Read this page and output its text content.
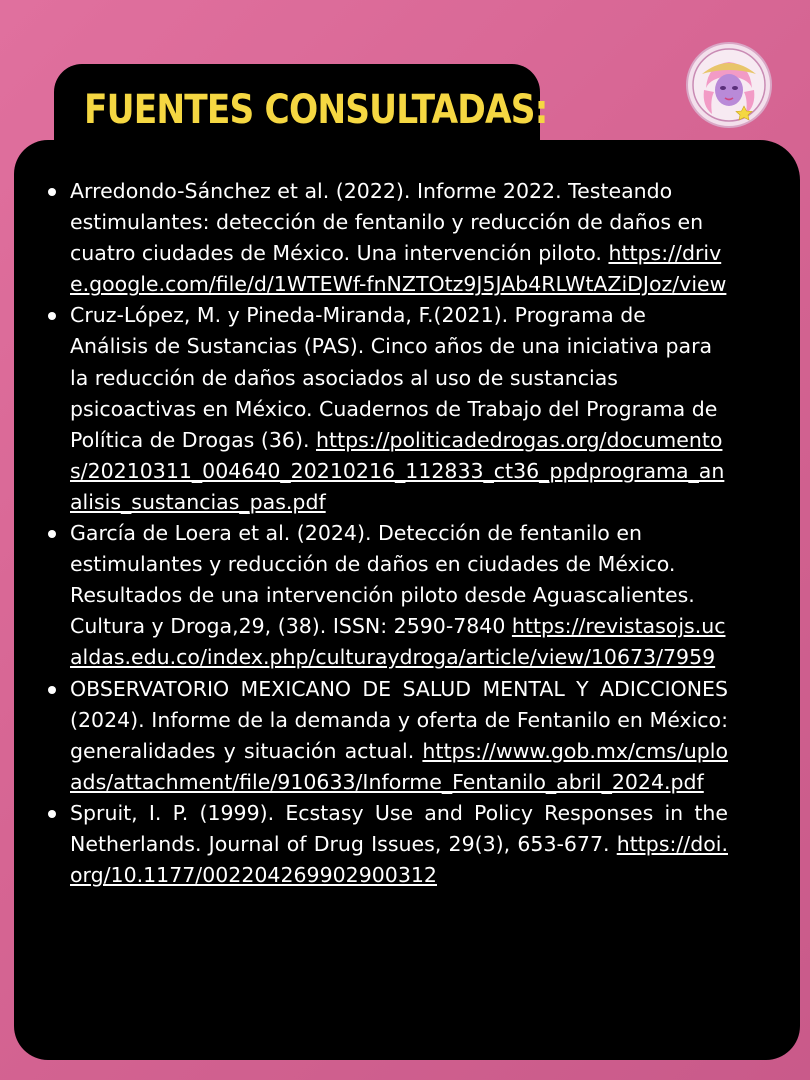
FUENTES CONSULTADAS:
Arredondo-Sánchez et al. (2022). Informe 2022. Testeando estimulantes: detección de fentanilo y reducción de daños en cuatro ciudades de México. Una intervención piloto. https://drive.google.com/file/d/1WTEWf-fnNZTOtz9J5JAb4RLWtAZiDJoz/view
Cruz-López, M. y Pineda-Miranda, F.(2021). Programa de Análisis de Sustancias (PAS). Cinco años de una iniciativa para la reducción de daños asociados al uso de sustancias psicoactivas en México. Cuadernos de Trabajo del Programa de Política de Drogas (36). https://politicadedrogas.org/documentos/20210311_004640_20210216_112833_ct36_ppdprograma_analisis_sustancias_pas.pdf
García de Loera et al. (2024). Detección de fentanilo en estimulantes y reducción de daños en ciudades de México. Resultados de una intervención piloto desde Aguascalientes. Cultura y Droga,29, (38). ISSN: 2590-7840 https://revistasojs.ucaldas.edu.co/index.php/culturaydroga/article/view/10673/7959
OBSERVATORIO MEXICANO DE SALUD MENTAL Y ADICCIONES (2024). Informe de la demanda y oferta de Fentanilo en México: generalidades y situación actual. https://www.gob.mx/cms/uploads/attachment/file/910633/Informe_Fentanilo_abril_2024.pdf
Spruit, I. P. (1999). Ecstasy Use and Policy Responses in the Netherlands. Journal of Drug Issues, 29(3), 653-677. https://doi.org/10.1177/002204269902900312
